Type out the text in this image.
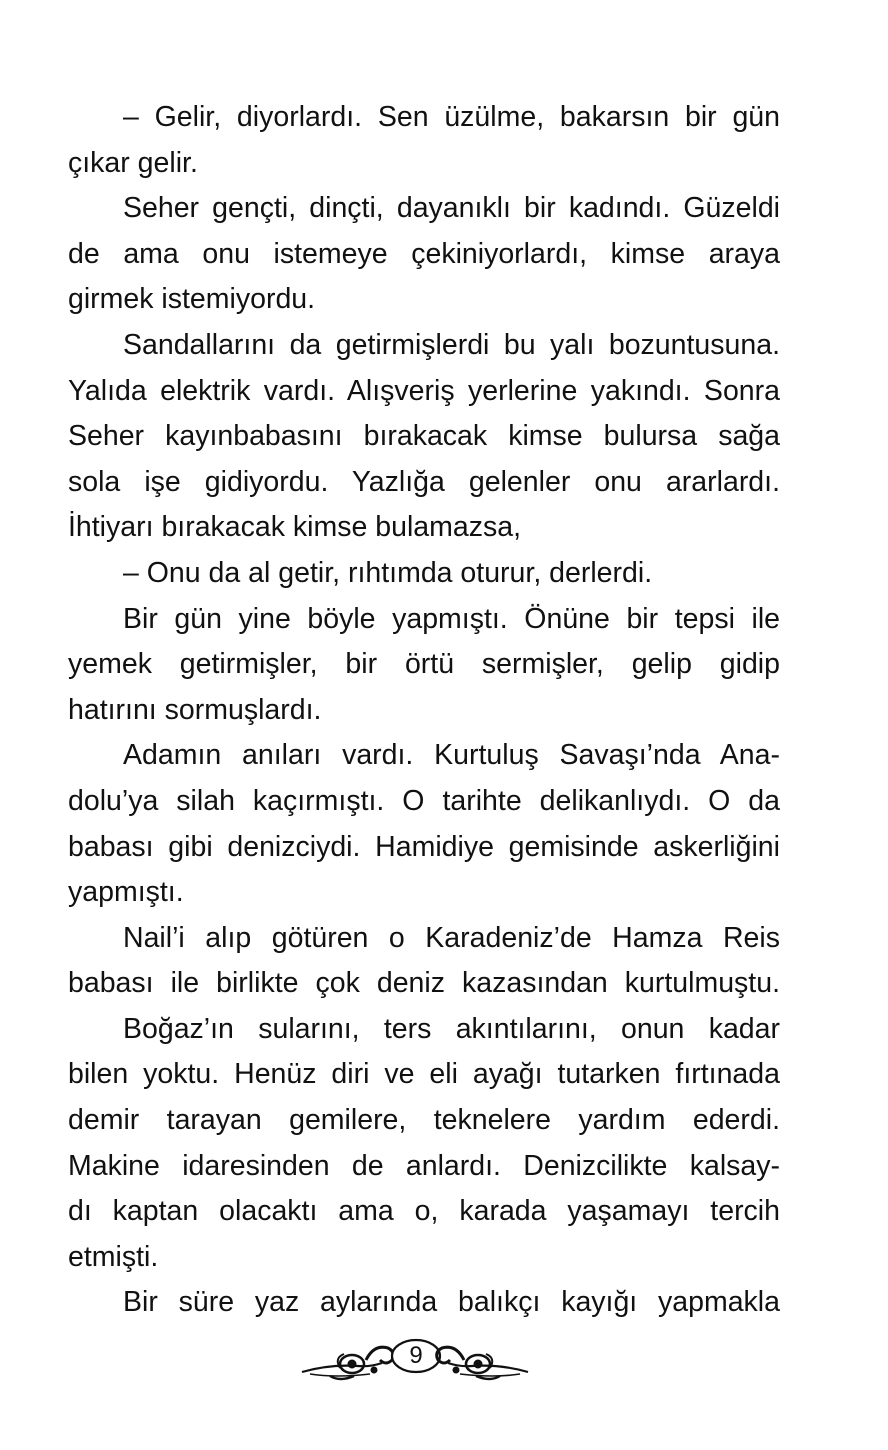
– Gelir, diyorlardı. Sen üzülme, bakarsın bir gün
çıkar gelir.
Seher gençti, dinçti, dayanıklı bir kadındı. Güzeldi
de ama onu istemeye çekiniyorlardı, kimse araya
girmek istemiyordu.
Sandallarını da getirmişlerdi bu yalı bozuntusuna.
Yalıda elektrik vardı. Alışveriş yerlerine yakındı. Sonra
Seher kayınbabasını bırakacak kimse bulursa sağa
sola işe gidiyordu. Yazlığa gelenler onu ararlardı.
İhtiyarı bırakacak kimse bulamazsa,
– Onu da al getir, rıhtımda oturur, derlerdi.
Bir gün yine böyle yapmıştı. Önüne bir tepsi ile
yemek getirmişler, bir örtü sermişler, gelip gidip
hatırını sormuşlardı.
Adamın anıları vardı. Kurtuluş Savaşı’nda Ana-
dolu’ya silah kaçırmıştı. O tarihte delikanlıydı. O da
babası gibi denizciydi. Hamidiye gemisinde askerliğini
yapmıştı.
Nail’i alıp götüren o Karadeniz’de Hamza Reis
babası ile birlikte çok deniz kazasından kurtulmuştu.
Boğaz’ın sularını, ters akıntılarını, onun kadar
bilen yoktu. Henüz diri ve eli ayağı tutarken fırtınada
demir tarayan gemilere, teknelere yardım ederdi.
Makine idaresinden de anlardı. Denizcilikte kalsay-
dı kaptan olacaktı ama o, karada yaşamayı tercih
etmişti.
Bir süre yaz aylarında balıkçı kayığı yapmakla
9
